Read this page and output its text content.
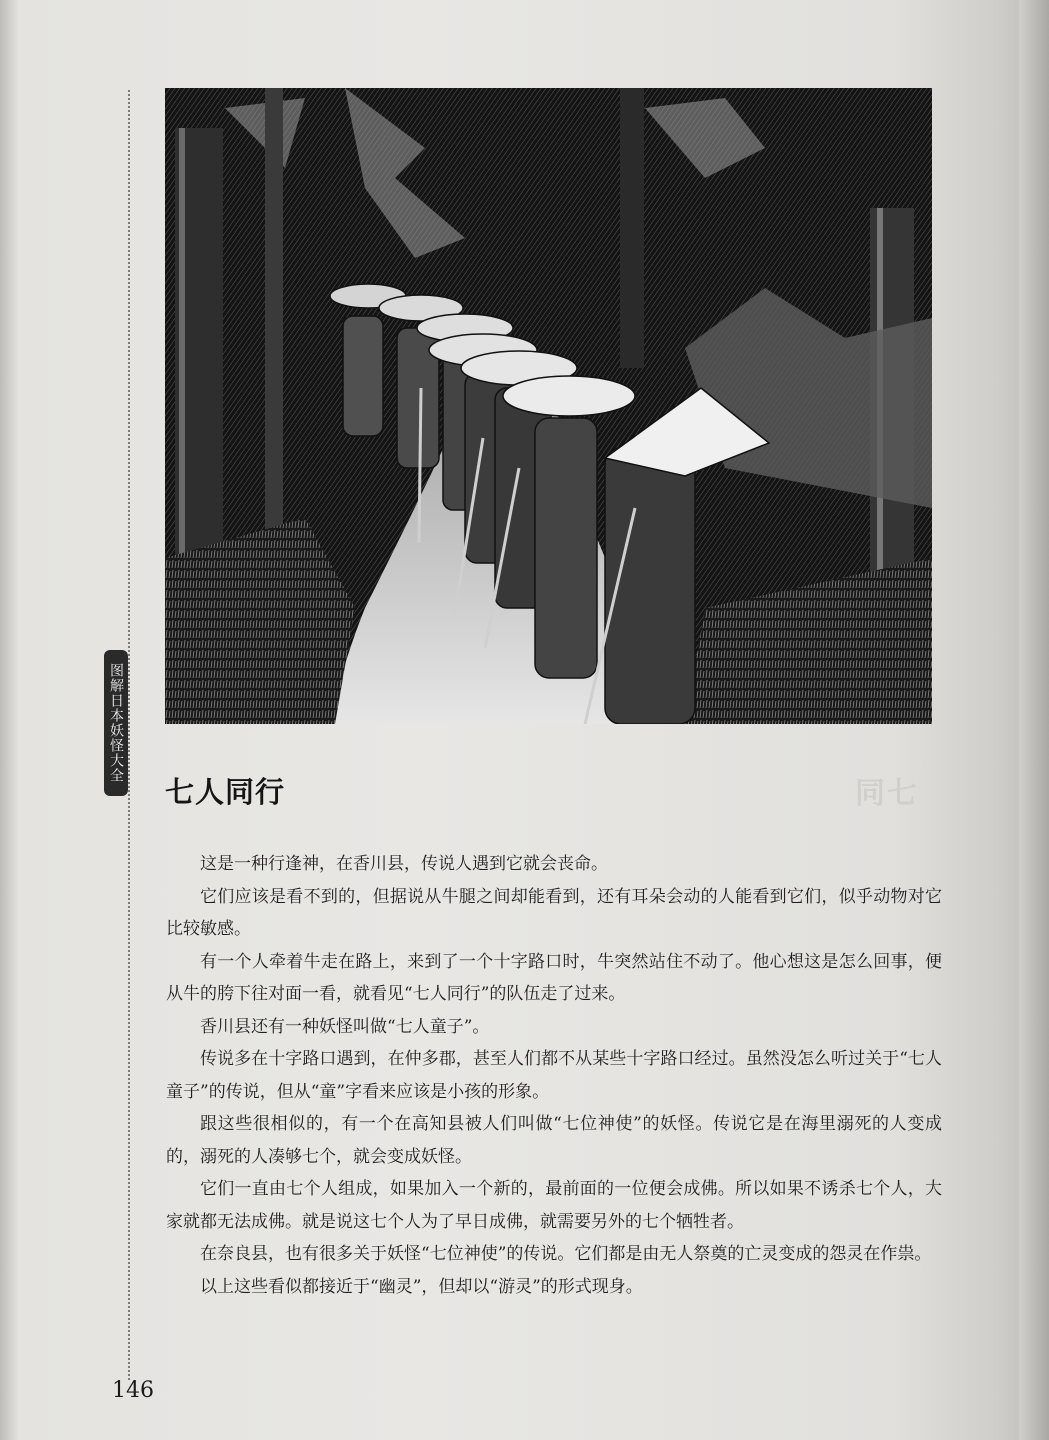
图解日本妖怪大全
七人同行	同七

这是一种行逢神，在香川县，传说人遇到它就会丧命。

它们应该是看不到的，但据说从牛腿之间却能看到，还有耳朵会动的人能看到它们，似乎动物对它比较敏感。

有一个人牵着牛走在路上，来到了一个十字路口时，牛突然站住不动了。他心想这是怎么回事，便从牛的胯下往对面一看，就看见“七人同行”的队伍走了过来。

香川县还有一种妖怪叫做“七人童子”。

传说多在十字路口遇到，在仲多郡，甚至人们都不从某些十字路口经过。虽然没怎么听过关于“七人童子”的传说，但从“童”字看来应该是小孩的形象。

跟这些很相似的，有一个在高知县被人们叫做“七位神使”的妖怪。传说它是在海里溺死的人变成的，溺死的人凑够七个，就会变成妖怪。

它们一直由七个人组成，如果加入一个新的，最前面的一位便会成佛。所以如果不诱杀七个人，大家就都无法成佛。就是说这七个人为了早日成佛，就需要另外的七个牺牲者。

在奈良县，也有很多关于妖怪“七位神使”的传说。它们都是由无人祭奠的亡灵变成的怨灵在作祟。

以上这些看似都接近于“幽灵”，但却以“游灵”的形式现身。

146
